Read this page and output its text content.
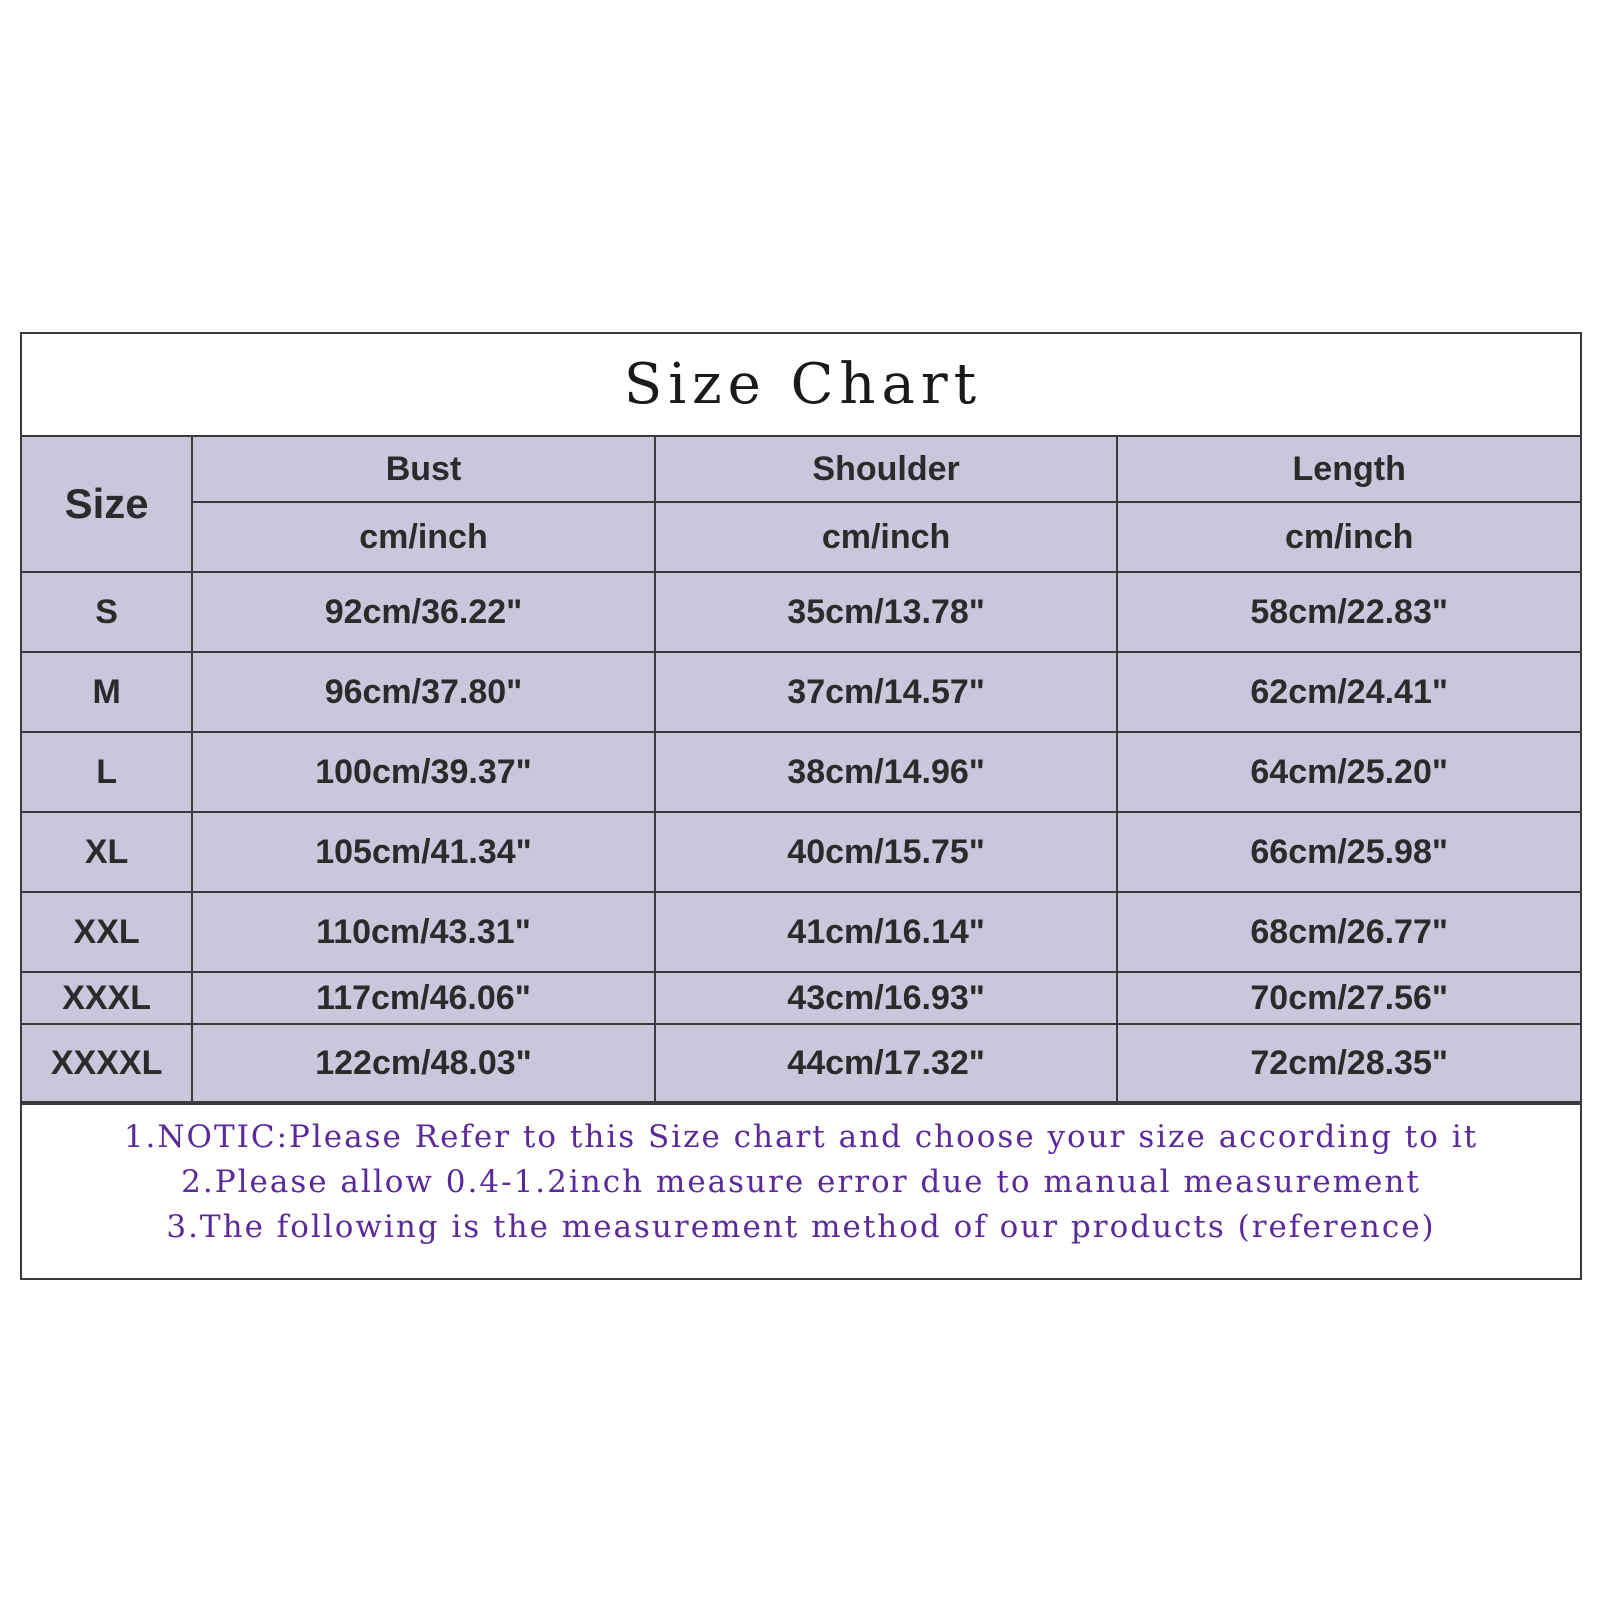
Size Chart
Size	Bust	Shoulder	Length
	cm/inch	cm/inch	cm/inch
S	92cm/36.22"	35cm/13.78"	58cm/22.83"
M	96cm/37.80"	37cm/14.57"	62cm/24.41"
L	100cm/39.37"	38cm/14.96"	64cm/25.20"
XL	105cm/41.34"	40cm/15.75"	66cm/25.98"
XXL	110cm/43.31"	41cm/16.14"	68cm/26.77"
XXXL	117cm/46.06"	43cm/16.93"	70cm/27.56"
XXXXL	122cm/48.03"	44cm/17.32"	72cm/28.35"
1.NOTIC:Please Refer to this Size chart and choose your size according to it
2.Please allow 0.4-1.2inch measure error due to manual measurement
3.The following is the measurement method of our products (reference)
